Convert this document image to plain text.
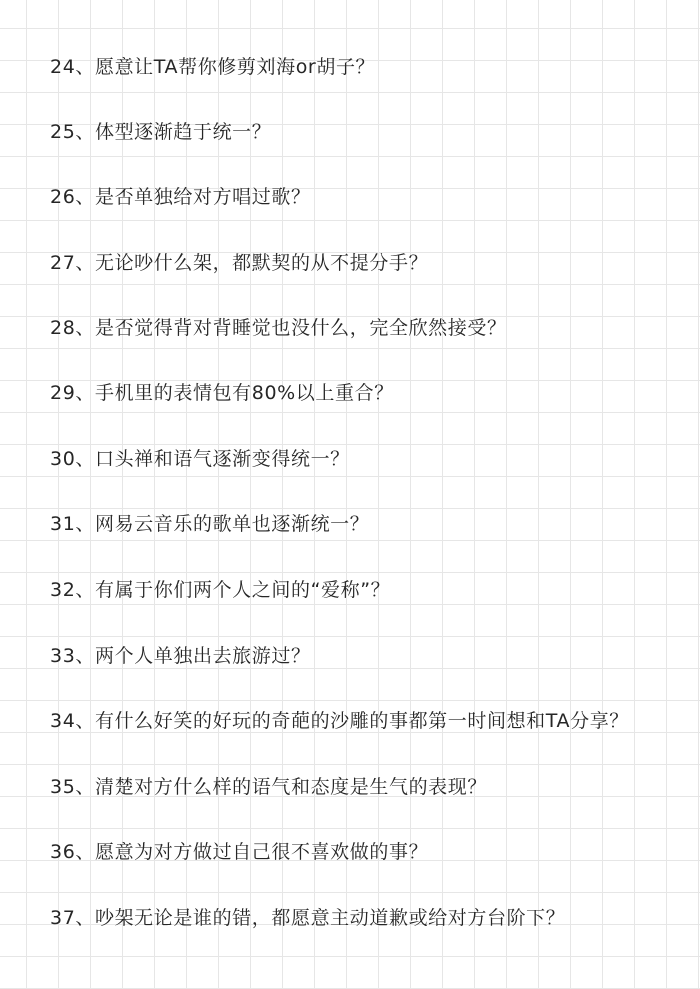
24、愿意让TA帮你修剪刘海or胡子？
25、体型逐渐趋于统一？
26、是否单独给对方唱过歌？
27、无论吵什么架，都默契的从不提分手？
28、是否觉得背对背睡觉也没什么，完全欣然接受？
29、手机里的表情包有80%以上重合？
30、口头禅和语气逐渐变得统一？
31、网易云音乐的歌单也逐渐统一？
32、有属于你们两个人之间的“爱称”？
33、两个人单独出去旅游过？
34、有什么好笑的好玩的奇葩的沙雕的事都第一时间想和TA分享？
35、清楚对方什么样的语气和态度是生气的表现？
36、愿意为对方做过自己很不喜欢做的事？
37、吵架无论是谁的错，都愿意主动道歉或给对方台阶下？
